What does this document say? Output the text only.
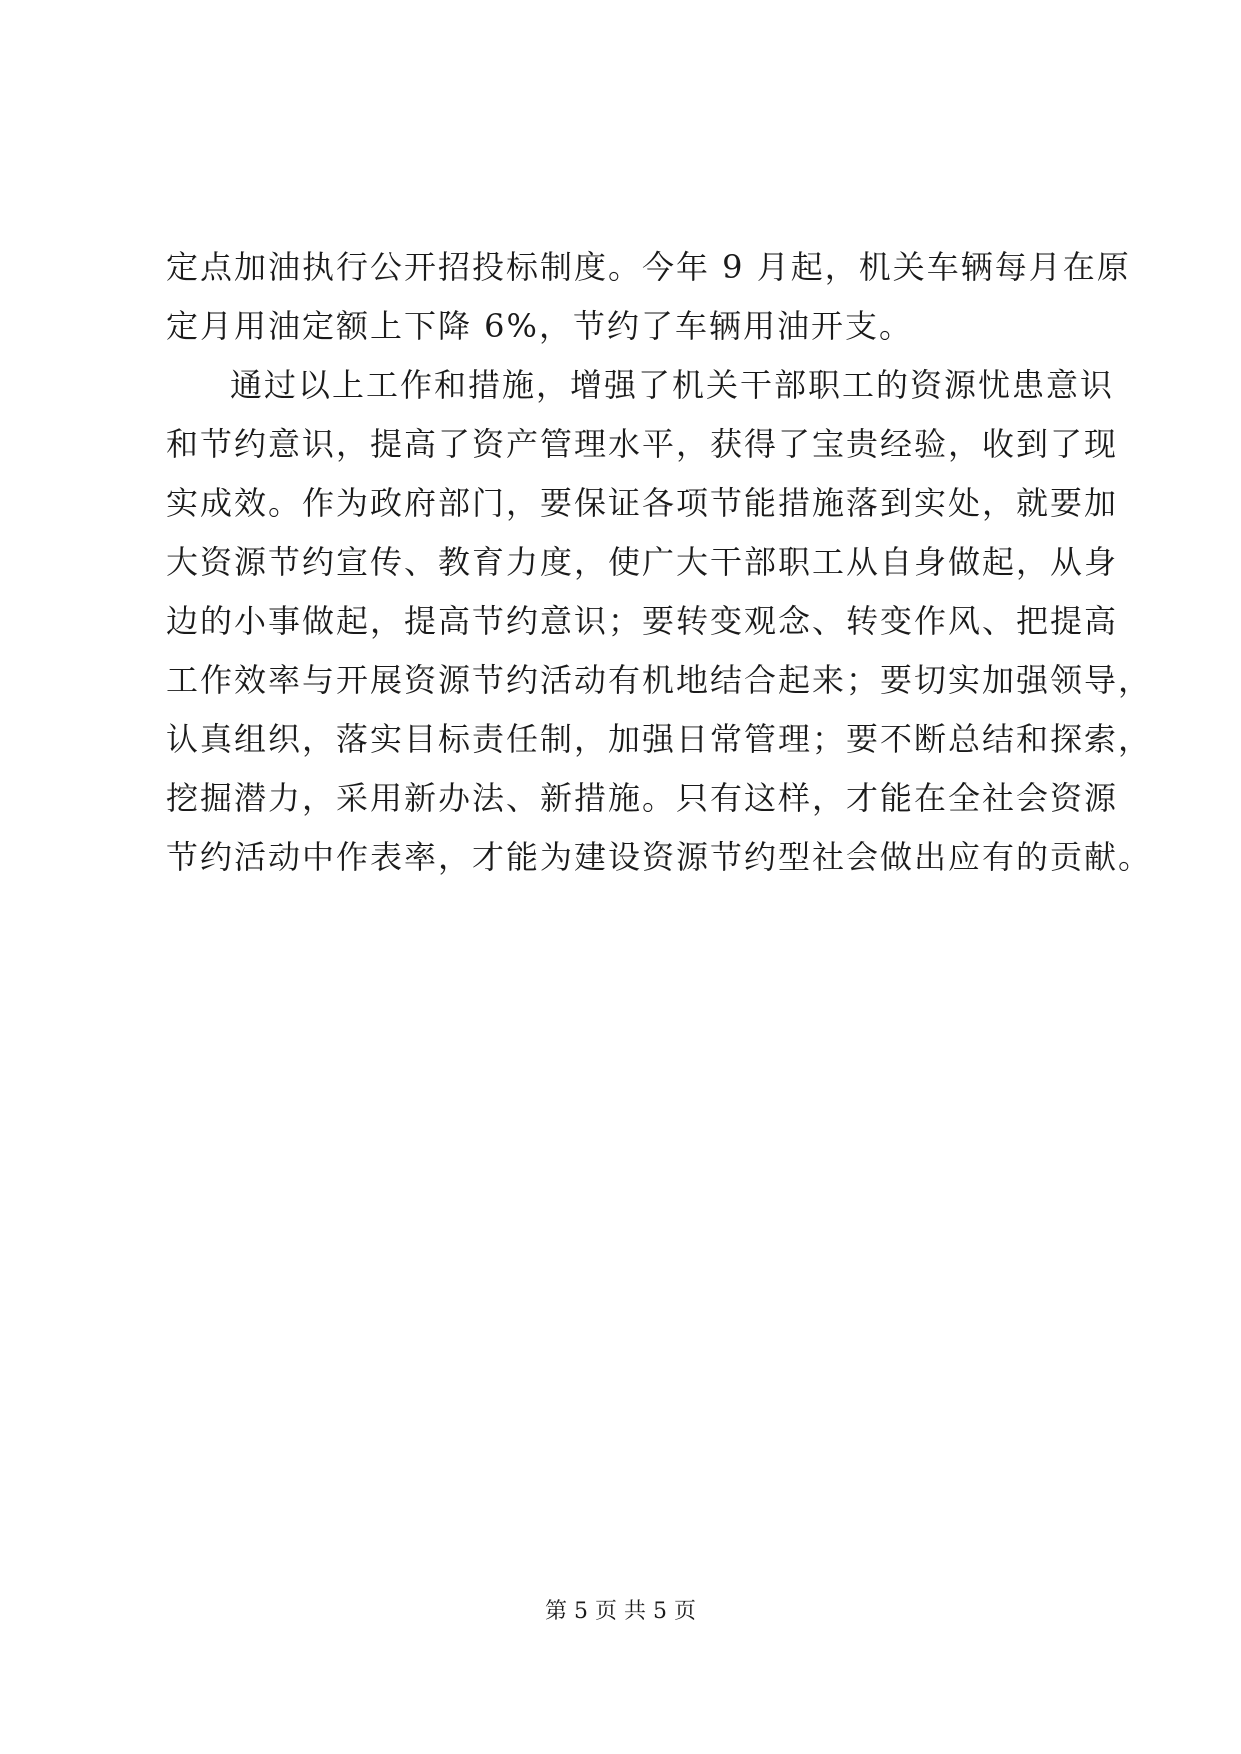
定点加油执行公开招投标制度。今年 9 月起，机关车辆每月在原
定月用油定额上下降 6%，节约了车辆用油开支。
通过以上工作和措施，增强了机关干部职工的资源忧患意识
和节约意识，提高了资产管理水平，获得了宝贵经验，收到了现
实成效。作为政府部门，要保证各项节能措施落到实处，就要加
大资源节约宣传、教育力度，使广大干部职工从自身做起，从身
边的小事做起，提高节约意识；要转变观念、转变作风、把提高
工作效率与开展资源节约活动有机地结合起来；要切实加强领导，
认真组织，落实目标责任制，加强日常管理；要不断总结和探索，
挖掘潜力，采用新办法、新措施。只有这样，才能在全社会资源
节约活动中作表率，才能为建设资源节约型社会做出应有的贡献。
第 5 页 共 5 页
